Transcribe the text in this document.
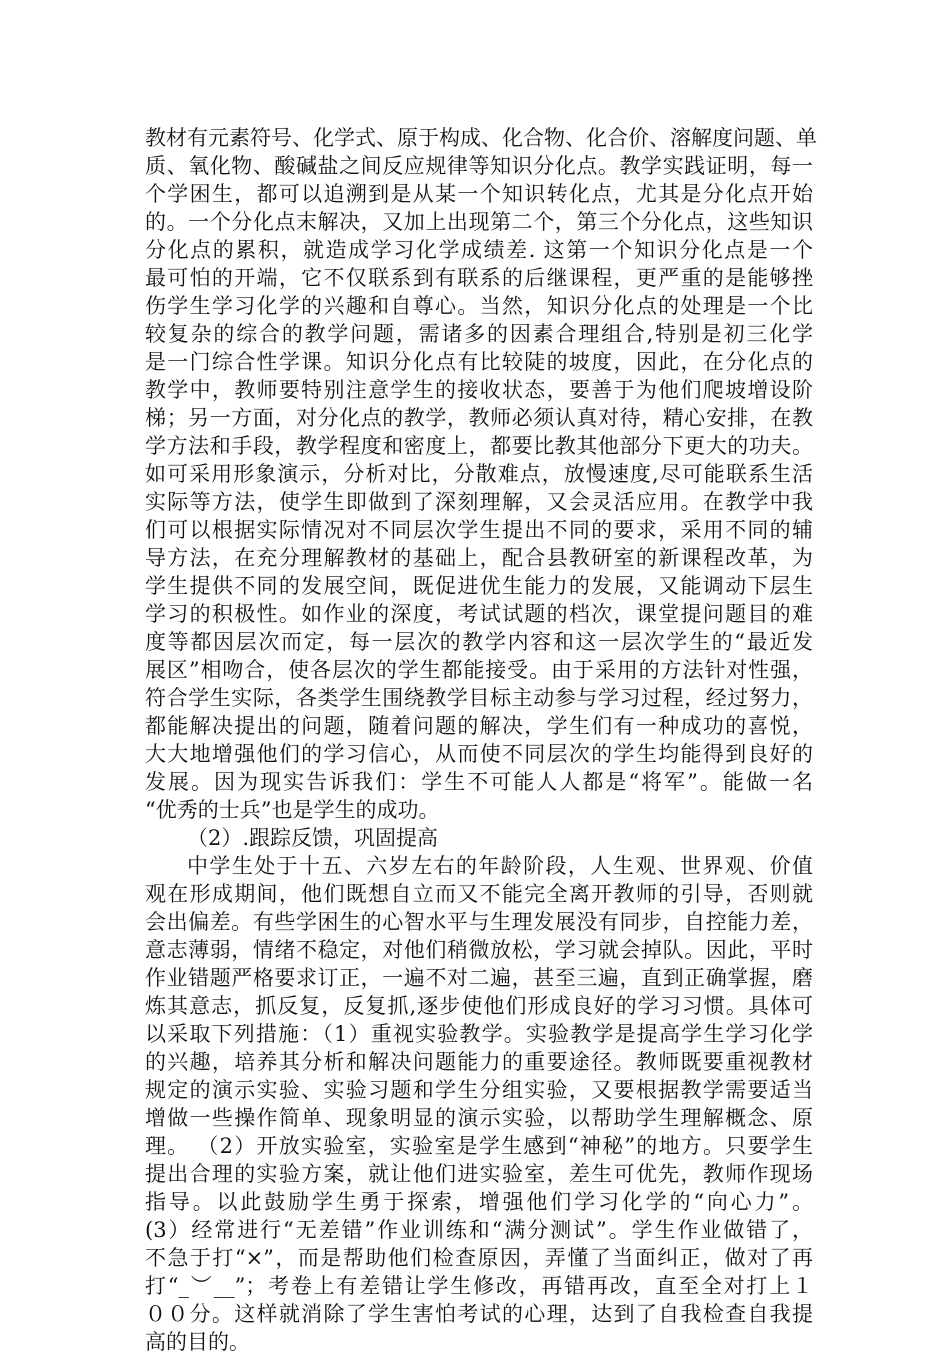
教材有元素符号、化学式、原于构成、化合物、化合价、溶解度问题、单
质、氧化物、酸碱盐之间反应规律等知识分化点。教学实践证明，每一
个学困生，都可以追溯到是从某一个知识转化点，尤其是分化点开始
的。一个分化点末解决，又加上出现第二个，第三个分化点，这些知识
分化点的累积，就造成学习化学成绩差. 这第一个知识分化点是一个
最可怕的开端，它不仅联系到有联系的后继课程，更严重的是能够挫
伤学生学习化学的兴趣和自尊心。当然，知识分化点的处理是一个比
较复杂的综合的教学问题，需诸多的因素合理组合,特别是初三化学
是一门综合性学课。知识分化点有比较陡的坡度，因此，在分化点的
教学中，教师要特别注意学生的接收状态，要善于为他们爬坡增设阶
梯；另一方面，对分化点的教学，教师必须认真对待，精心安排，在教
学方法和手段，教学程度和密度上，都要比教其他部分下更大的功夫。
如可采用形象演示，分析对比，分散难点，放慢速度,尽可能联系生活
实际等方法，使学生即做到了深刻理解，又会灵活应用。在教学中我
们可以根据实际情况对不同层次学生提出不同的要求，采用不同的辅
导方法，在充分理解教材的基础上，配合县教研室的新课程改革，为
学生提供不同的发展空间，既促进优生能力的发展，又能调动下层生
学习的积极性。如作业的深度，考试试题的档次，课堂提问题目的难
度等都因层次而定，每一层次的教学内容和这一层次学生的“最近发
展区”相吻合，使各层次的学生都能接受。由于采用的方法针对性强，
符合学生实际，各类学生围绕教学目标主动参与学习过程，经过努力，
都能解决提出的问题，随着问题的解决，学生们有一种成功的喜悦，
大大地增强他们的学习信心，从而使不同层次的学生均能得到良好的
发展。因为现实告诉我们：学生不可能人人都是“将军”。能做一名
“优秀的士兵”也是学生的成功。
（2）.跟踪反馈，巩固提高
中学生处于十五、六岁左右的年龄阶段，人生观、世界观、价值
观在形成期间，他们既想自立而又不能完全离开教师的引导，否则就
会出偏差。有些学困生的心智水平与生理发展没有同步，自控能力差，
意志薄弱，情绪不稳定，对他们稍微放松，学习就会掉队。因此，平时
作业错题严格要求订正，一遍不对二遍，甚至三遍，直到正确掌握，磨
炼其意志，抓反复，反复抓,逐步使他们形成良好的学习习惯。具体可
以采取下列措施：（1）重视实验教学。实验教学是提高学生学习化学
的兴趣，培养其分析和解决问题能力的重要途径。教师既要重视教材
规定的演示实验、实验习题和学生分组实验，又要根据教学需要适当
增做一些操作简单、现象明显的演示实验，以帮助学生理解概念、原
理。 （2）开放实验室，实验室是学生感到“神秘”的地方。只要学生
提出合理的实验方案，就让他们进实验室，差生可优先，教师作现场
指导。以此鼓励学生勇于探索，增强他们学习化学的“向心力”。
(3）经常进行“无差错”作业训练和“满分测试”。学生作业做错了，
不急于打“×”，而是帮助他们检查原因，弄懂了当面纠正，做对了再
打“_︶__”；考卷上有差错让学生修改，再错再改，直至全对打上１
００分。这样就消除了学生害怕考试的心理，达到了自我检查自我提
高的目的。
